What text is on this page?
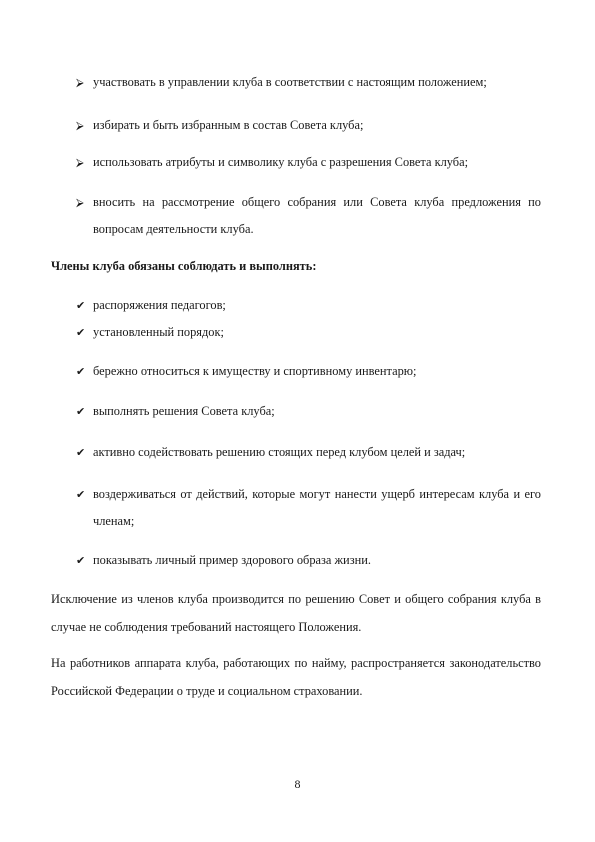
⮚ участвовать в управлении клуба в соответствии с настоящим положением;
⮚ избирать и быть избранным в состав Совета клуба;
⮚ использовать атрибуты и символику клуба с разрешения Совета клуба;
⮚ вносить на рассмотрение общего собрания или Совета клуба предложения по вопросам деятельности клуба.
Члены клуба обязаны соблюдать и выполнять:
✔ распоряжения педагогов;
✔ установленный порядок;
✔ бережно относиться к имуществу и спортивному инвентарю;
✔ выполнять решения Совета клуба;
✔ активно содействовать решению стоящих перед клубом целей и задач;
✔ воздерживаться от действий, которые могут нанести ущерб интересам клуба и его членам;
✔ показывать личный пример здорового образа жизни.
Исключение из членов клуба производится по решению Совет и общего собрания клуба в случае не соблюдения требований настоящего Положения.
На работников аппарата клуба, работающих по найму, распространяется законодательство Российской Федерации о труде и социальном страховании.
8
